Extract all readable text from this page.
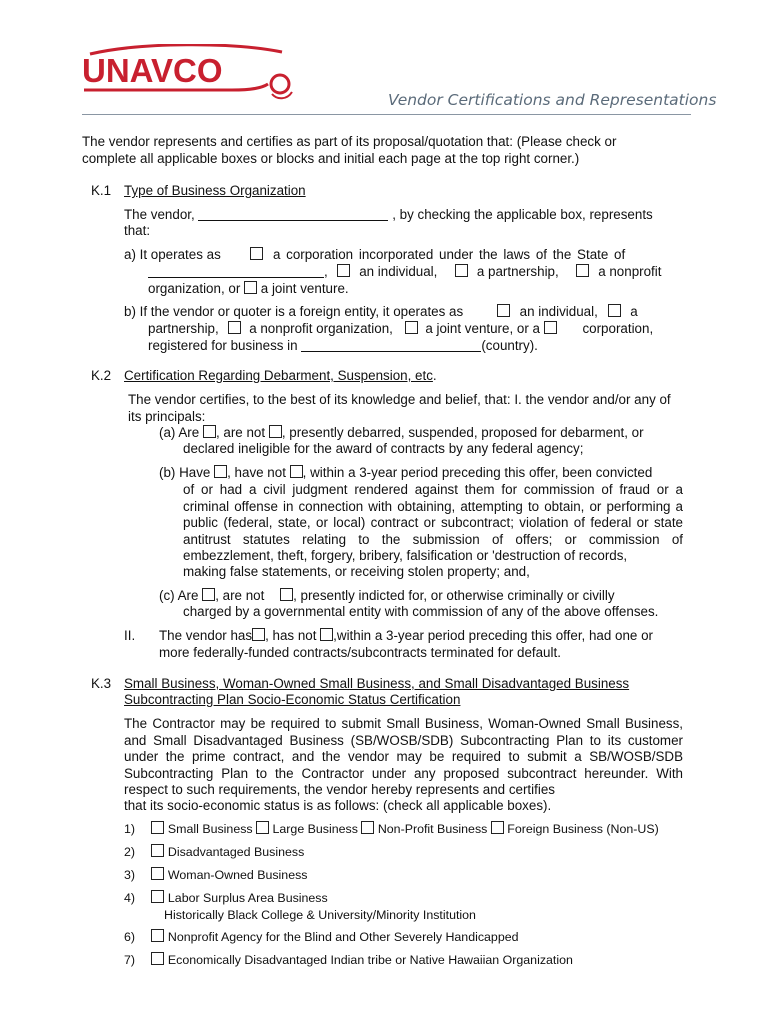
UNAVCO
Vendor Certifications and Representations
The vendor represents and certifies as part of its proposal/quotation that: (Please check or complete all applicable boxes or blocks and initial each page at the top right corner.)
K.1 Type of Business Organization
The vendor,	, by checking the applicable box, represents
that:
a) It operates as	a corporation incorporated under the laws of the State of
,  an individual,	a partnership,	a nonprofit
organization, or a joint venture.
b) If the vendor or quoter is a foreign entity, it operates as	an individual, a
partnership, a nonprofit organization, a joint venture, or a	corporation,
registered for business in	(country).
K.2 Certification Regarding Debarment, Suspension, etc.
The vendor certifies, to the best of its knowledge and belief, that: I. the vendor and/or any of its principals:
(a) Are , are not , presently debarred, suspended, proposed for debarment, or
declared ineligible for the award of contracts by any federal agency;
(b) Have , have not , within a 3-year period preceding this offer, been convicted
of or had a civil judgment rendered against them for commission of fraud or a criminal offense in connection with obtaining, attempting to obtain, or performing a public (federal, state, or local) contract or subcontract; violation of federal or state antitrust statutes relating to the submission of offers; or commission of embezzlement, theft, forgery, bribery, falsification or 'destruction of records,
making false statements, or receiving stolen property; and,
(c) Are , are not , presently indicted for, or otherwise criminally or civilly
charged by a governmental entity with commission of any of the above offenses.
II. The vendor has , has not ,within a 3-year period preceding this offer, had one or
more federally-funded contracts/subcontracts terminated for default.
K.3 Small Business, Woman-Owned Small Business, and Small Disadvantaged Business
Subcontracting Plan Socio-Economic Status Certification
The Contractor may be required to submit Small Business, Woman-Owned Small Business, and Small Disadvantaged Business (SB/WOSB/SDB) Subcontracting Plan to its customer under the prime contract, and the vendor may be required to submit a SB/WOSB/SDB Subcontracting Plan to the Contractor under any proposed subcontract hereunder. With respect to such requirements, the vendor hereby represents and certifies
that its socio-economic status is as follows: (check all applicable boxes).
1)	Small Business Large Business Non-Profit Business Foreign Business (Non-US)
2)	Disadvantaged Business
3)	Woman-Owned Business
4)	Labor Surplus Area Business
Historically Black College & University/Minority Institution
6)	Nonprofit Agency for the Blind and Other Severely Handicapped
7)	Economically Disadvantaged Indian tribe or Native Hawaiian Organization
